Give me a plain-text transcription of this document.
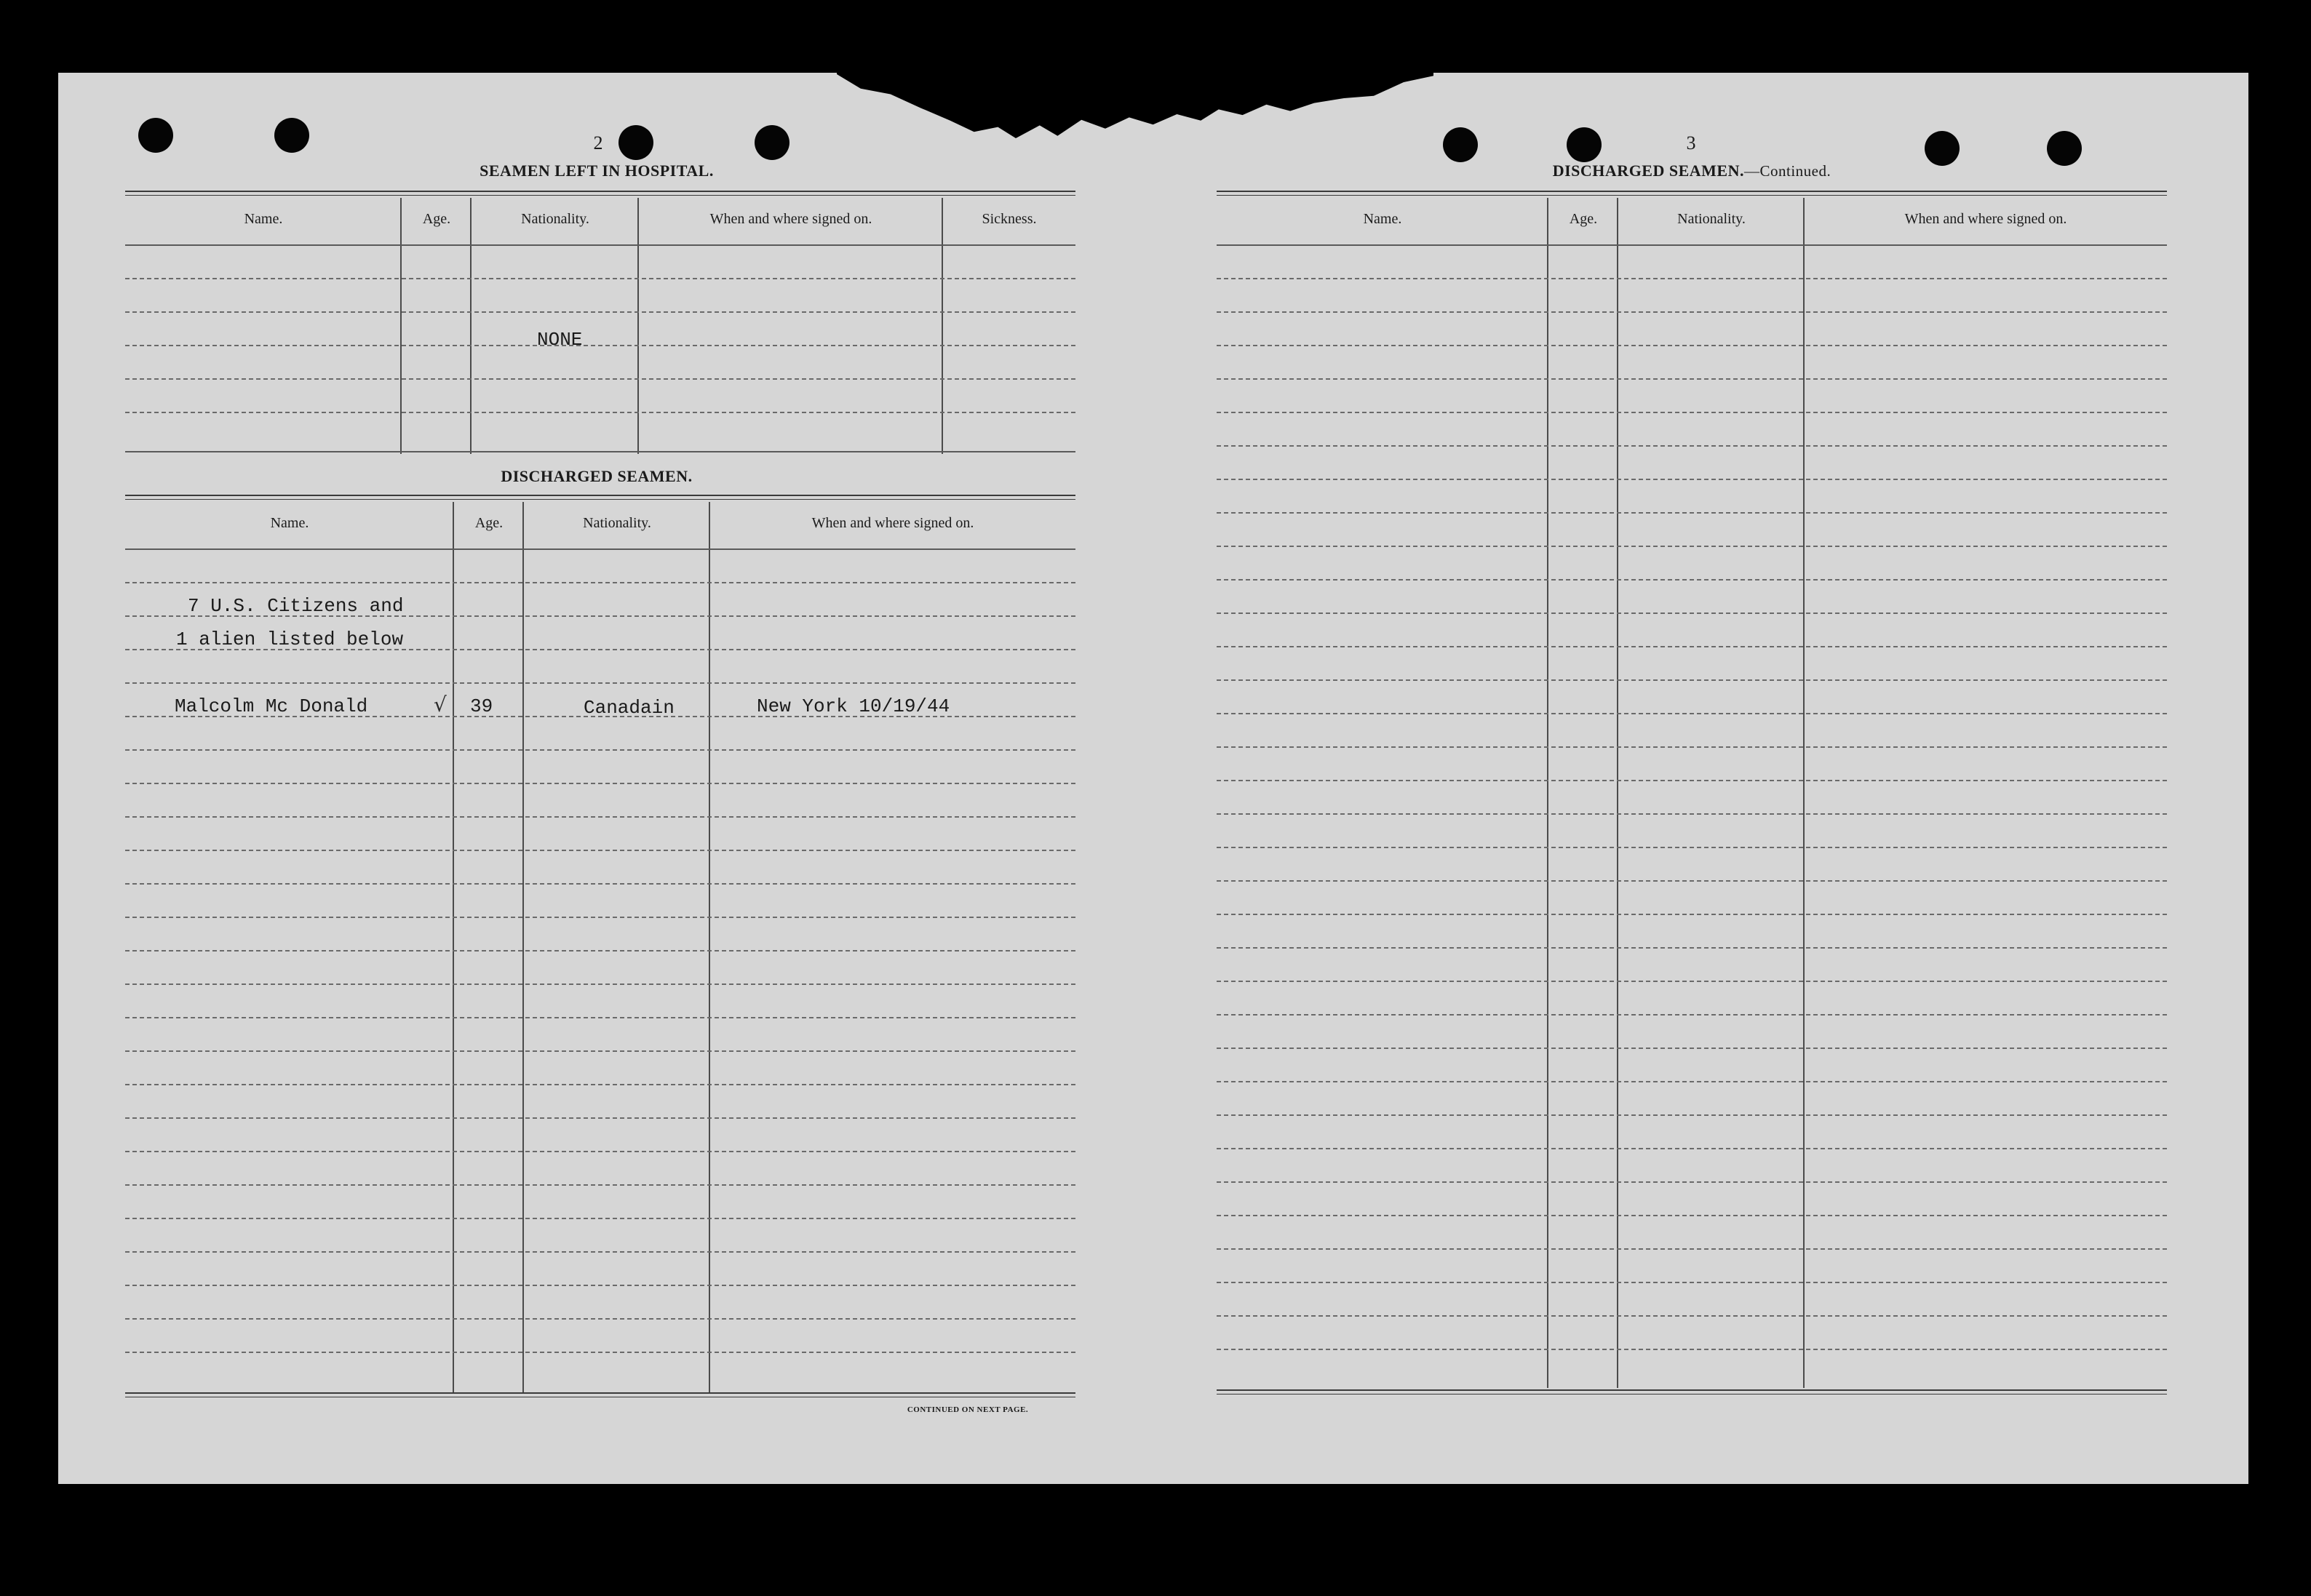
2
SEAMEN LEFT IN HOSPITAL.
Name.	Age.	Nationality.	When and where signed on.	Sickness.
NONE
DISCHARGED SEAMEN.
Name.	Age.	Nationality.	When and where signed on.
7 U.S. Citizens and
1 alien listed below
Malcolm Mc Donald	√ 39	Canadain	New York 10/19/44
CONTINUED ON NEXT PAGE.
3
DISCHARGED SEAMEN.—Continued.
Name.	Age.	Nationality.	When and where signed on.
